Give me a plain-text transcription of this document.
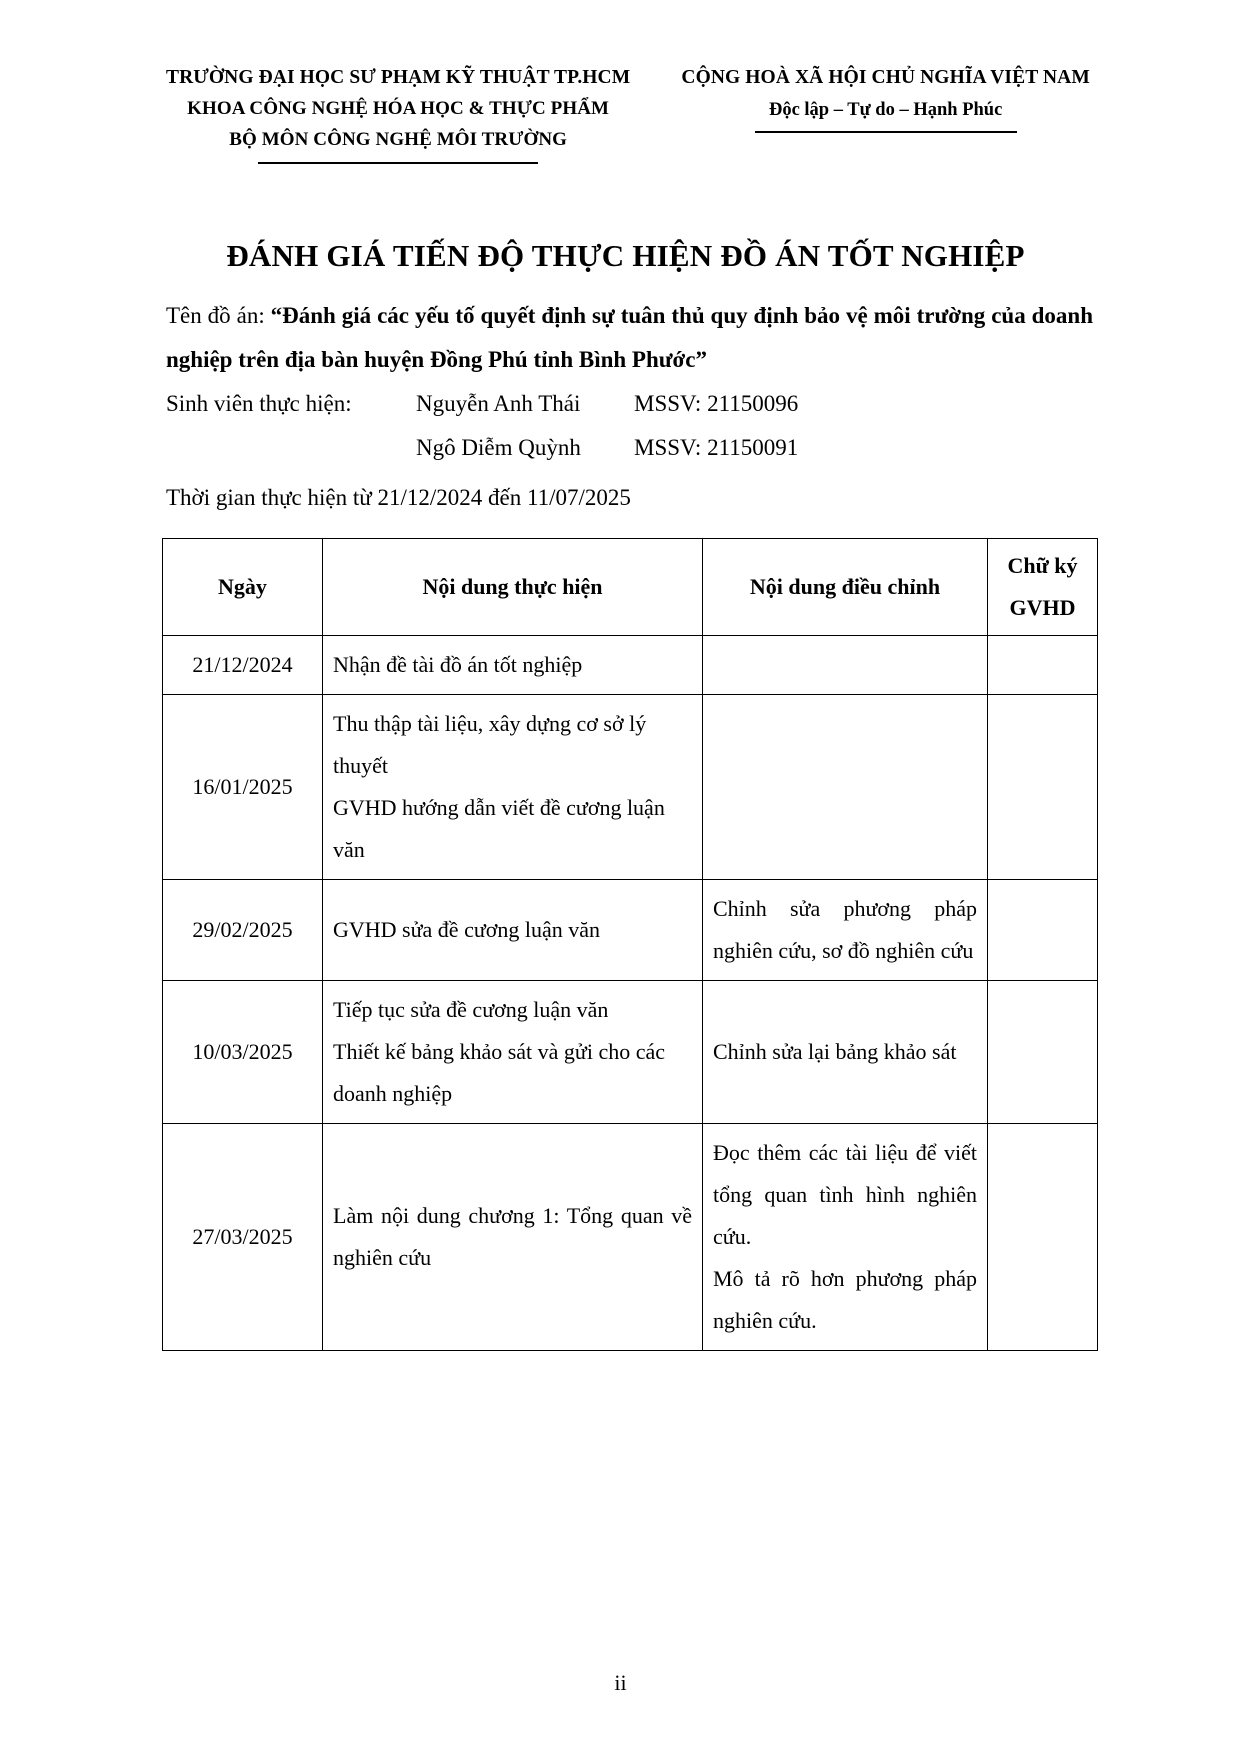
TRƯỜNG ĐẠI HỌC SƯ PHẠM KỸ THUẬT TP.HCM
KHOA CÔNG NGHỆ HÓA HỌC & THỰC PHẨM
BỘ MÔN CÔNG NGHỆ MÔI TRƯỜNG
CỘNG HOÀ XÃ HỘI CHỦ NGHĨA VIỆT NAM
Độc lập – Tự do – Hạnh Phúc
ĐÁNH GIÁ TIẾN ĐỘ THỰC HIỆN ĐỒ ÁN TỐT NGHIỆP
Tên đồ án: “Đánh giá các yếu tố quyết định sự tuân thủ quy định bảo vệ môi trường của doanh nghiệp trên địa bàn huyện Đồng Phú tỉnh Bình Phước”
Sinh viên thực hiện:	Nguyễn Anh Thái	MSSV: 21150096
Ngô Diễm Quỳnh	MSSV: 21150091
Thời gian thực hiện từ 21/12/2024 đến 11/07/2025
Ngày	Nội dung thực hiện	Nội dung điều chỉnh	Chữ ký
GVHD

21/12/2024	Nhận đề tài đồ án tốt nghiệp		

16/01/2025	Thu thập tài liệu, xây dựng cơ sở lý thuyết
GVHD hướng dẫn viết đề cương luận văn		

29/02/2025	GVHD sửa đề cương luận văn	Chỉnh sửa phương pháp nghiên cứu, sơ đồ nghiên cứu	

10/03/2025	Tiếp tục sửa đề cương luận văn
Thiết kế bảng khảo sát và gửi cho các doanh nghiệp	Chỉnh sửa lại bảng khảo sát	

27/03/2025	Làm nội dung chương 1: Tổng quan về nghiên cứu	Đọc thêm các tài liệu để viết tổng quan tình hình nghiên cứu.
Mô tả rõ hơn phương pháp nghiên cứu.	

ii
